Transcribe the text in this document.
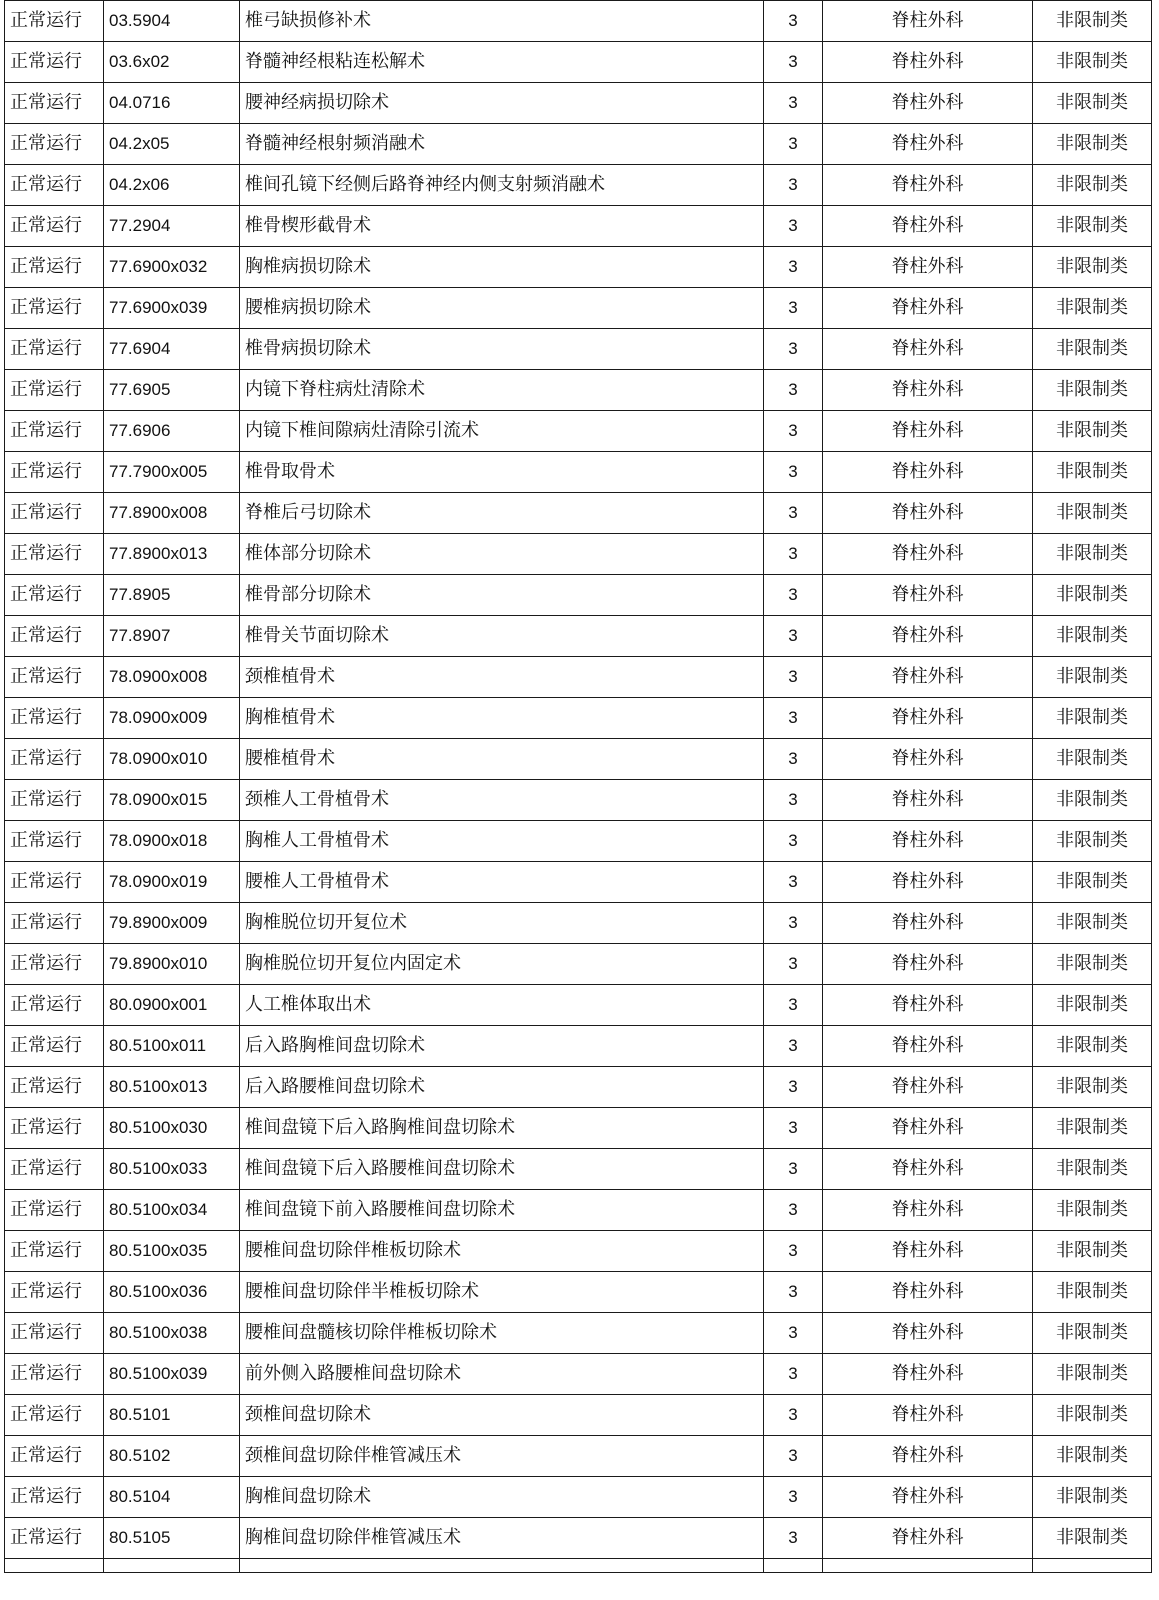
正常运行	03.5904	椎弓缺损修补术	3	脊柱外科	非限制类
正常运行	03.6x02	脊髓神经根粘连松解术	3	脊柱外科	非限制类
正常运行	04.0716	腰神经病损切除术	3	脊柱外科	非限制类
正常运行	04.2x05	脊髓神经根射频消融术	3	脊柱外科	非限制类
正常运行	04.2x06	椎间孔镜下经侧后路脊神经内侧支射频消融术	3	脊柱外科	非限制类
正常运行	77.2904	椎骨楔形截骨术	3	脊柱外科	非限制类
正常运行	77.6900x032	胸椎病损切除术	3	脊柱外科	非限制类
正常运行	77.6900x039	腰椎病损切除术	3	脊柱外科	非限制类
正常运行	77.6904	椎骨病损切除术	3	脊柱外科	非限制类
正常运行	77.6905	内镜下脊柱病灶清除术	3	脊柱外科	非限制类
正常运行	77.6906	内镜下椎间隙病灶清除引流术	3	脊柱外科	非限制类
正常运行	77.7900x005	椎骨取骨术	3	脊柱外科	非限制类
正常运行	77.8900x008	脊椎后弓切除术	3	脊柱外科	非限制类
正常运行	77.8900x013	椎体部分切除术	3	脊柱外科	非限制类
正常运行	77.8905	椎骨部分切除术	3	脊柱外科	非限制类
正常运行	77.8907	椎骨关节面切除术	3	脊柱外科	非限制类
正常运行	78.0900x008	颈椎植骨术	3	脊柱外科	非限制类
正常运行	78.0900x009	胸椎植骨术	3	脊柱外科	非限制类
正常运行	78.0900x010	腰椎植骨术	3	脊柱外科	非限制类
正常运行	78.0900x015	颈椎人工骨植骨术	3	脊柱外科	非限制类
正常运行	78.0900x018	胸椎人工骨植骨术	3	脊柱外科	非限制类
正常运行	78.0900x019	腰椎人工骨植骨术	3	脊柱外科	非限制类
正常运行	79.8900x009	胸椎脱位切开复位术	3	脊柱外科	非限制类
正常运行	79.8900x010	胸椎脱位切开复位内固定术	3	脊柱外科	非限制类
正常运行	80.0900x001	人工椎体取出术	3	脊柱外科	非限制类
正常运行	80.5100x011	后入路胸椎间盘切除术	3	脊柱外科	非限制类
正常运行	80.5100x013	后入路腰椎间盘切除术	3	脊柱外科	非限制类
正常运行	80.5100x030	椎间盘镜下后入路胸椎间盘切除术	3	脊柱外科	非限制类
正常运行	80.5100x033	椎间盘镜下后入路腰椎间盘切除术	3	脊柱外科	非限制类
正常运行	80.5100x034	椎间盘镜下前入路腰椎间盘切除术	3	脊柱外科	非限制类
正常运行	80.5100x035	腰椎间盘切除伴椎板切除术	3	脊柱外科	非限制类
正常运行	80.5100x036	腰椎间盘切除伴半椎板切除术	3	脊柱外科	非限制类
正常运行	80.5100x038	腰椎间盘髓核切除伴椎板切除术	3	脊柱外科	非限制类
正常运行	80.5100x039	前外侧入路腰椎间盘切除术	3	脊柱外科	非限制类
正常运行	80.5101	颈椎间盘切除术	3	脊柱外科	非限制类
正常运行	80.5102	颈椎间盘切除伴椎管减压术	3	脊柱外科	非限制类
正常运行	80.5104	胸椎间盘切除术	3	脊柱外科	非限制类
正常运行	80.5105	胸椎间盘切除伴椎管减压术	3	脊柱外科	非限制类
